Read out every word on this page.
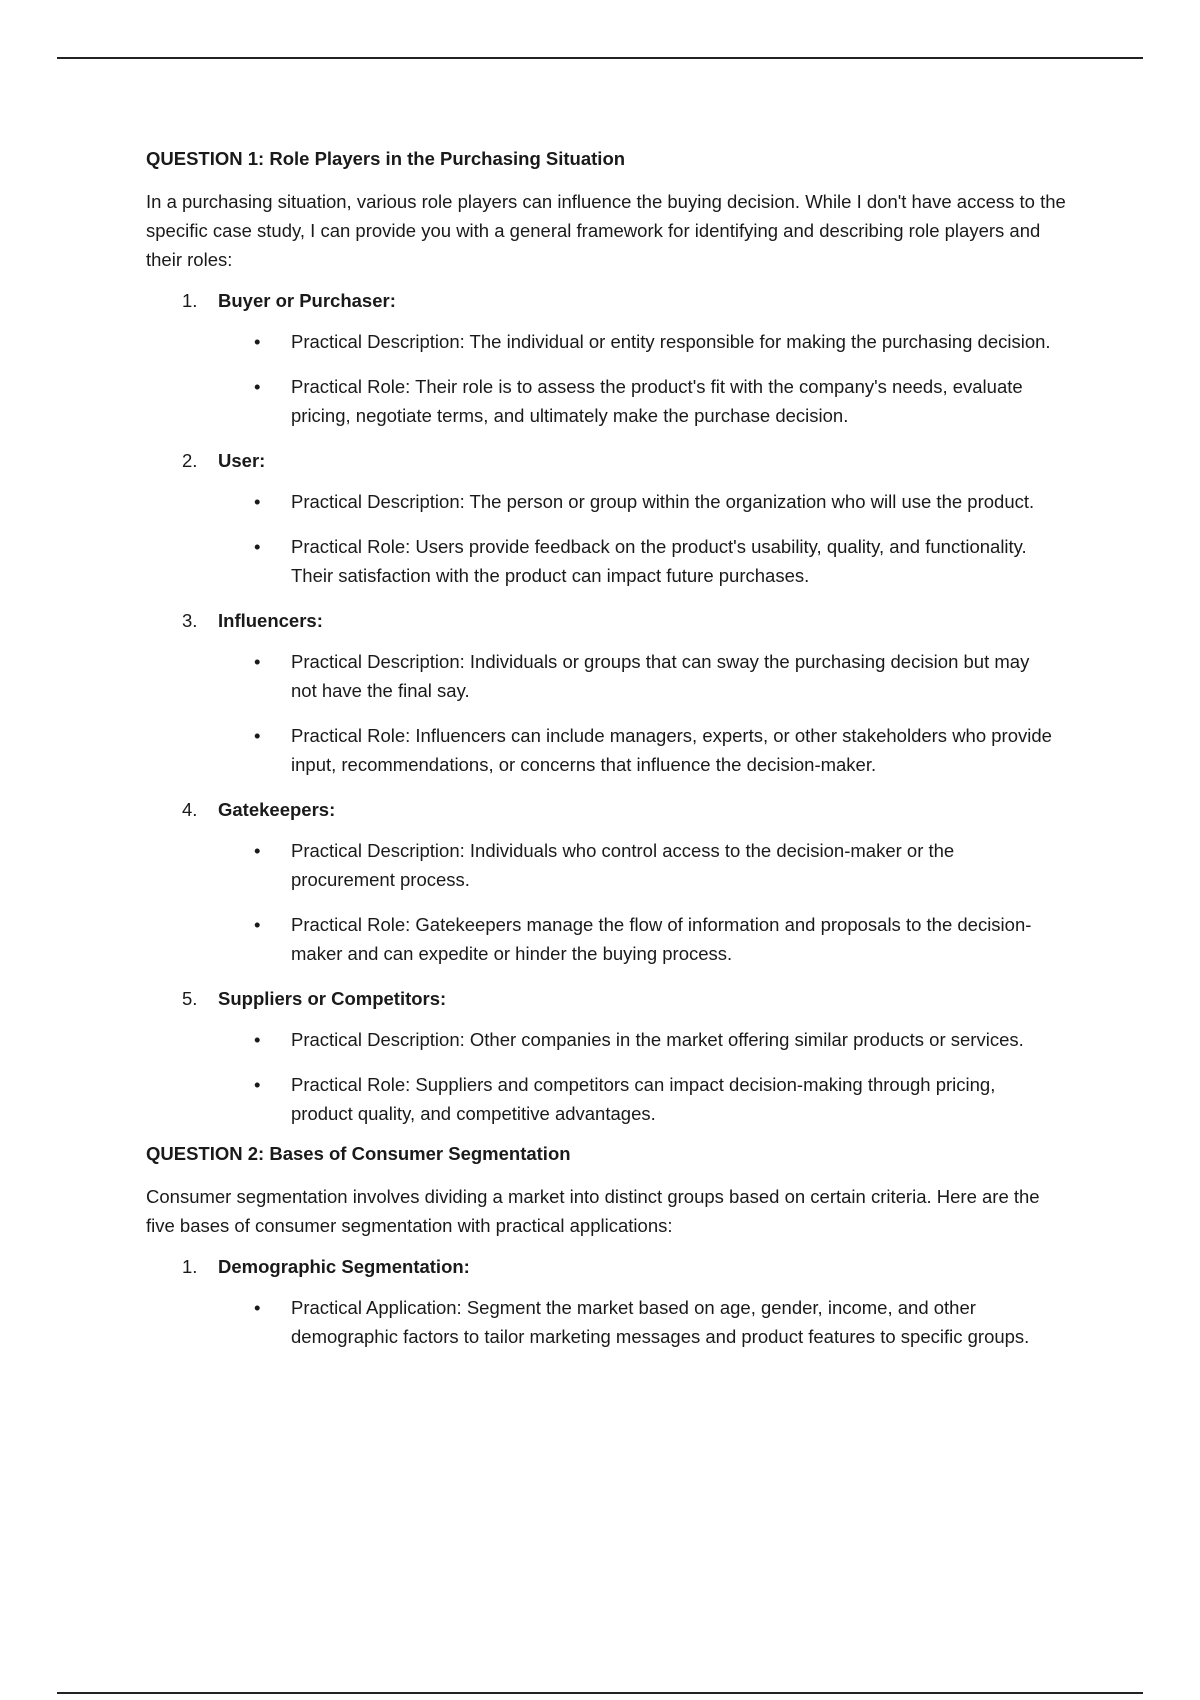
QUESTION 1: Role Players in the Purchasing Situation
In a purchasing situation, various role players can influence the buying decision. While I don't have access to the specific case study, I can provide you with a general framework for identifying and describing role players and their roles:
1. Buyer or Purchaser:
• Practical Description: The individual or entity responsible for making the purchasing decision.
• Practical Role: Their role is to assess the product's fit with the company's needs, evaluate pricing, negotiate terms, and ultimately make the purchase decision.
2. User:
• Practical Description: The person or group within the organization who will use the product.
• Practical Role: Users provide feedback on the product's usability, quality, and functionality. Their satisfaction with the product can impact future purchases.
3. Influencers:
• Practical Description: Individuals or groups that can sway the purchasing decision but may not have the final say.
• Practical Role: Influencers can include managers, experts, or other stakeholders who provide input, recommendations, or concerns that influence the decision-maker.
4. Gatekeepers:
• Practical Description: Individuals who control access to the decision-maker or the procurement process.
• Practical Role: Gatekeepers manage the flow of information and proposals to the decision-maker and can expedite or hinder the buying process.
5. Suppliers or Competitors:
• Practical Description: Other companies in the market offering similar products or services.
• Practical Role: Suppliers and competitors can impact decision-making through pricing, product quality, and competitive advantages.
QUESTION 2: Bases of Consumer Segmentation
Consumer segmentation involves dividing a market into distinct groups based on certain criteria. Here are the five bases of consumer segmentation with practical applications:
1. Demographic Segmentation:
• Practical Application: Segment the market based on age, gender, income, and other demographic factors to tailor marketing messages and product features to specific groups.
